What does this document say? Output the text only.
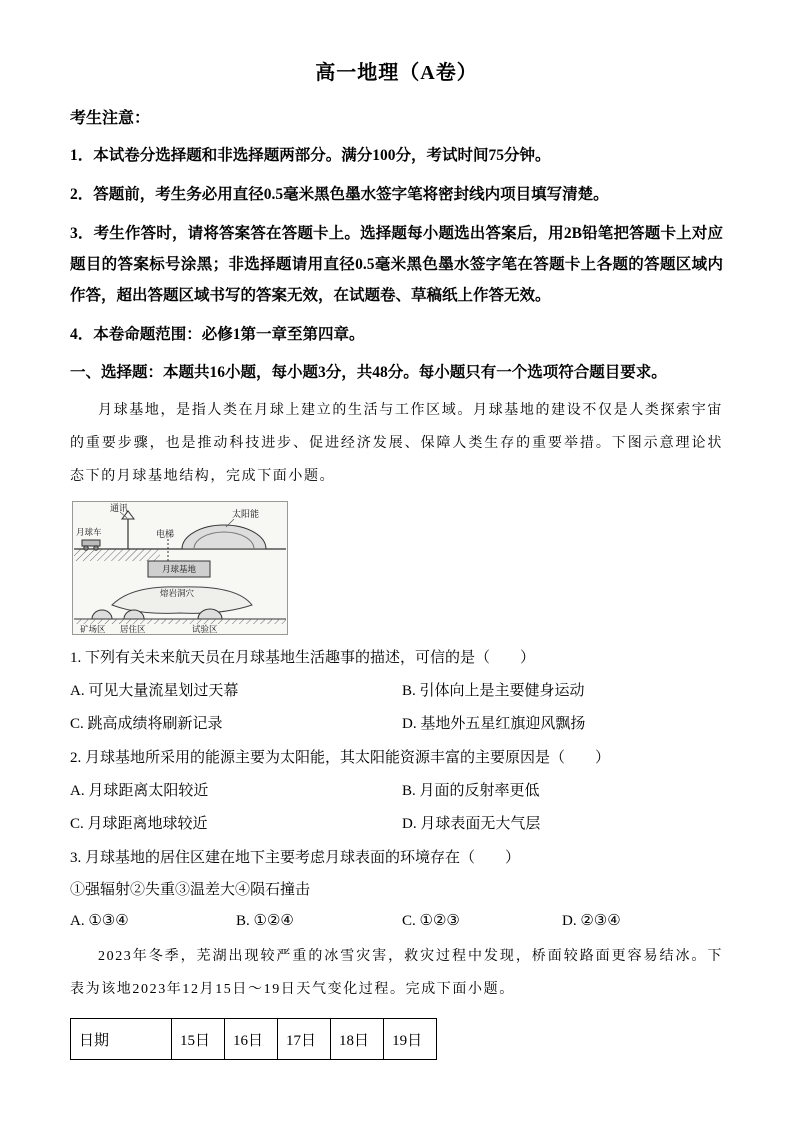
高一地理（A卷）
考生注意：

1．本试卷分选择题和非选择题两部分。满分100分，考试时间75分钟。

2．答题前，考生务必用直径0.5毫米黑色墨水签字笔将密封线内项目填写清楚。

3．考生作答时，请将答案答在答题卡上。选择题每小题选出答案后，用2B铅笔把答题卡上对应题目的答案标号涂黑；非选择题请用直径0.5毫米黑色墨水签字笔在答题卡上各题的答题区域内作答，超出答题区域书写的答案无效，在试题卷、草稿纸上作答无效。

4．本卷命题范围：必修1第一章至第四章。

一、选择题：本题共16小题，每小题3分，共48分。每小题只有一个选项符合题目要求。

月球基地，是指人类在月球上建立的生活与工作区域。月球基地的建设不仅是人类探索宇宙的重要步骤，也是推动科技进步、促进经济发展、保障人类生存的重要举措。下图示意理论状态下的月球基地结构，完成下面小题。

通讯
月球车
太阳能
电梯
月球基地
熔岩洞穴
矿场区 居住区	试验区

1. 下列有关未来航天员在月球基地生活趣事的描述，可信的是（　　）

A. 可见大量流星划过天幕	B. 引体向上是主要健身运动
C. 跳高成绩将刷新记录	D. 基地外五星红旗迎风飘扬

2. 月球基地所采用的能源主要为太阳能，其太阳能资源丰富的主要原因是（　　）

A. 月球距离太阳较近	B. 月面的反射率更低
C. 月球距离地球较近	D. 月球表面无大气层

3. 月球基地的居住区建在地下主要考虑月球表面的环境存在（　　）

①强辐射②失重③温差大④陨石撞击

A. ①③④	B. ①②④	C. ①②③	D. ②③④

2023年冬季，芜湖出现较严重的冰雪灾害，救灾过程中发现，桥面较路面更容易结冰。下表为该地2023年12月15日～19日天气变化过程。完成下面小题。

日期	15日	16日	17日	18日	19日
